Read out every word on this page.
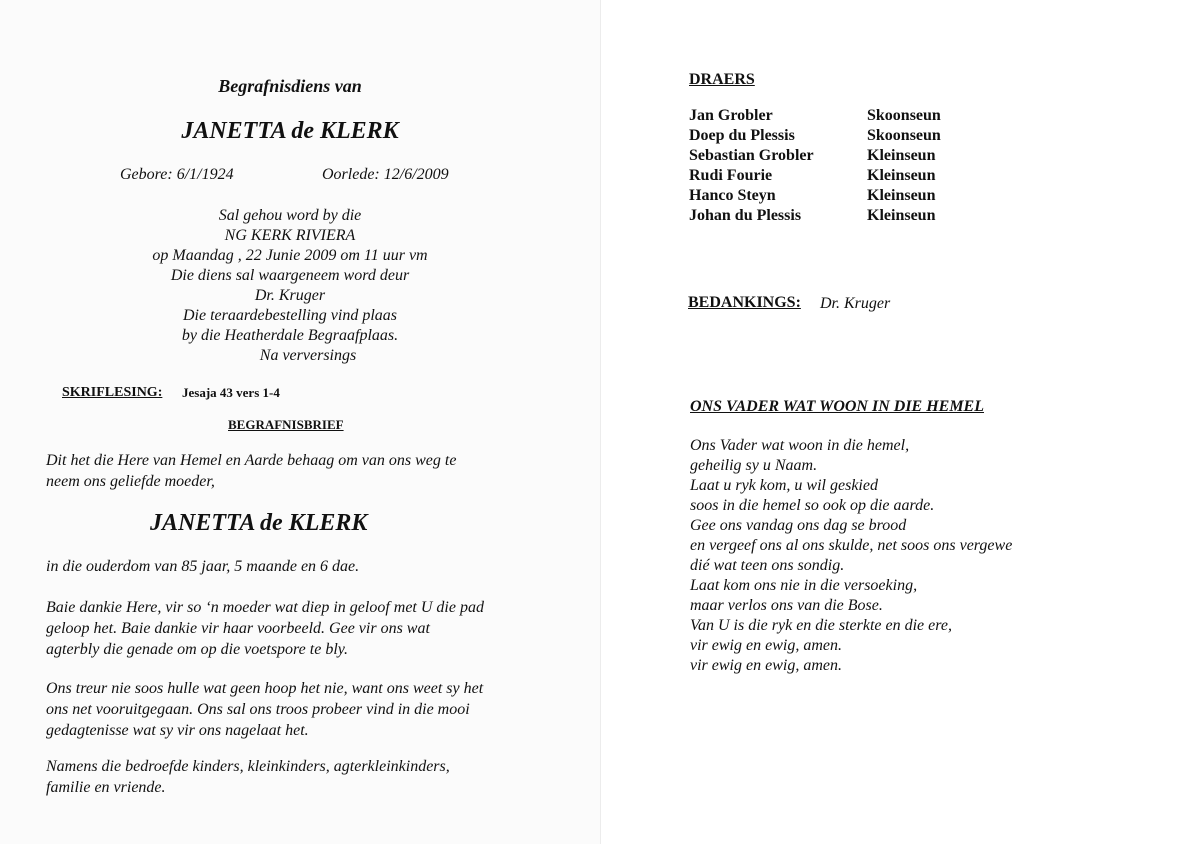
Begrafnisdiens van
JANETTA de KLERK
Gebore: 6/1/1924	Oorlede: 12/6/2009
Sal gehou word by die
NG KERK RIVIERA
op Maandag , 22 Junie 2009 om 11 uur vm
Die diens sal waargeneem word deur
Dr. Kruger
Die teraardebestelling vind plaas
by die Heatherdale Begraafplaas.
Na verversings
SKRIFLESING: Jesaja 43 vers 1-4
BEGRAFNISBRIEF
Dit het die Here van Hemel en Aarde behaag om van ons weg te
neem ons geliefde moeder,
JANETTA de KLERK
in die ouderdom van 85 jaar, 5 maande en 6 dae.
Baie dankie Here, vir so ‘n moeder wat diep in geloof met U die pad
geloop het. Baie dankie vir haar voorbeeld. Gee vir ons wat
agterbly die genade om op die voetspore te bly.
Ons treur nie soos hulle wat geen hoop het nie, want ons weet sy het
ons net vooruitgegaan. Ons sal ons troos probeer vind in die mooi
gedagtenisse wat sy vir ons nagelaat het.
Namens die bedroefde kinders, kleinkinders, agterkleinkinders,
familie en vriende.
DRAERS
Jan Grobler	Skoonseun
Doep du Plessis	Skoonseun
Sebastian Grobler	Kleinseun
Rudi Fourie	Kleinseun
Hanco Steyn	Kleinseun
Johan du Plessis	Kleinseun
BEDANKINGS: Dr. Kruger
ONS VADER WAT WOON IN DIE HEMEL
Ons Vader wat woon in die hemel,
geheilig sy u Naam.
Laat u ryk kom, u wil geskied
soos in die hemel so ook op die aarde.
Gee ons vandag ons dag se brood
en vergeef ons al ons skulde, net soos ons vergewe
dié wat teen ons sondig.
Laat kom ons nie in die versoeking,
maar verlos ons van die Bose.
Van U is die ryk en die sterkte en die ere,
vir ewig en ewig, amen.
vir ewig en ewig, amen.
